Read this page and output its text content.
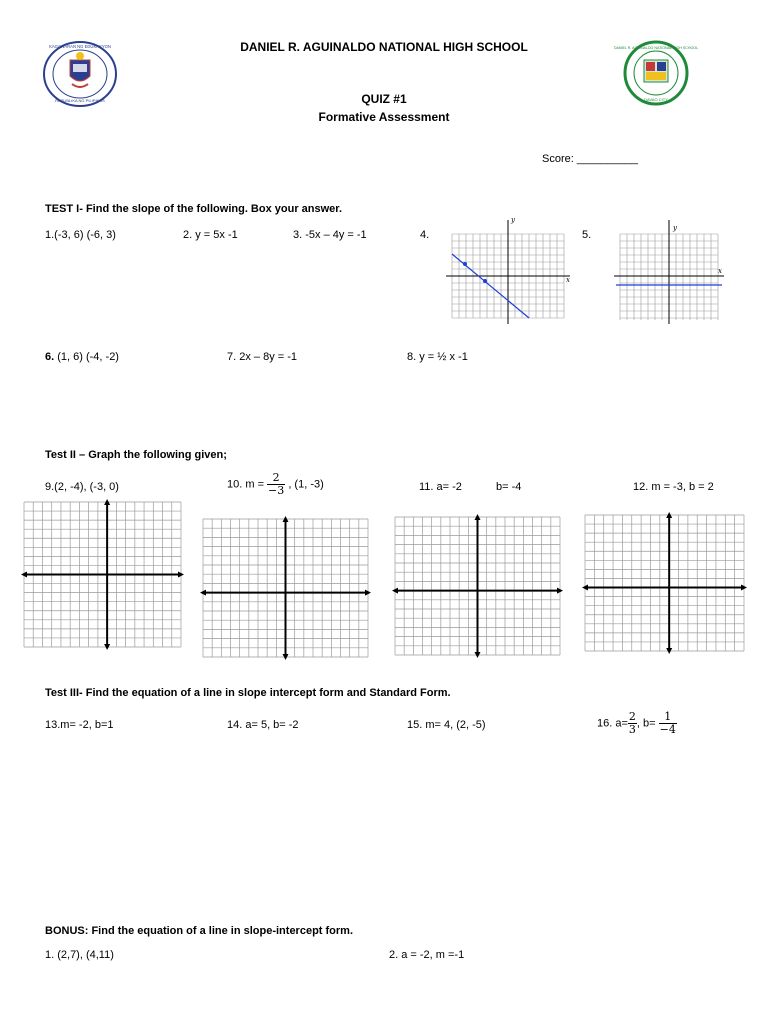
REPUBLIKA NG PILIPINAS
KAGAWARAN NG EDUKASYON	DANIEL R. AGUINALDO NATIONAL HIGH SCHOOL
DAVAO CITY
DANIEL R. AGUINALDO NATIONAL HIGH SCHOOL
QUIZ #1
Formative Assessment
Score: __________
TEST I- Find the slope of the following. Box your answer.
1.(-3, 6) (-6, 3)	2. y = 5x -1	3. -5x – 4y = -1	4.	5.
x
y
x
y
6. (1, 6) (-4, -2)	7. 2x – 8y = -1	8. y = ½ x -1
Test II – Graph the following given;
9.(2, -4), (-3, 0)	10. $m = \frac{2}{-3}$ , (1, -3)	11. a= -2	b= -4	12. m = -3, b = 2
Test III- Find the equation of a line in slope intercept form and Standard Form.
13.m= -2, b=1	14. a= 5, b= -2	15. m= 4, (2, -5)	16. $a= \frac{2}{3}$ , $b= \frac{1}{-4}$
BONUS: Find the equation of a line in slope-intercept form.
1. (2,7), (4,11)	2. a = -2, m =-1
